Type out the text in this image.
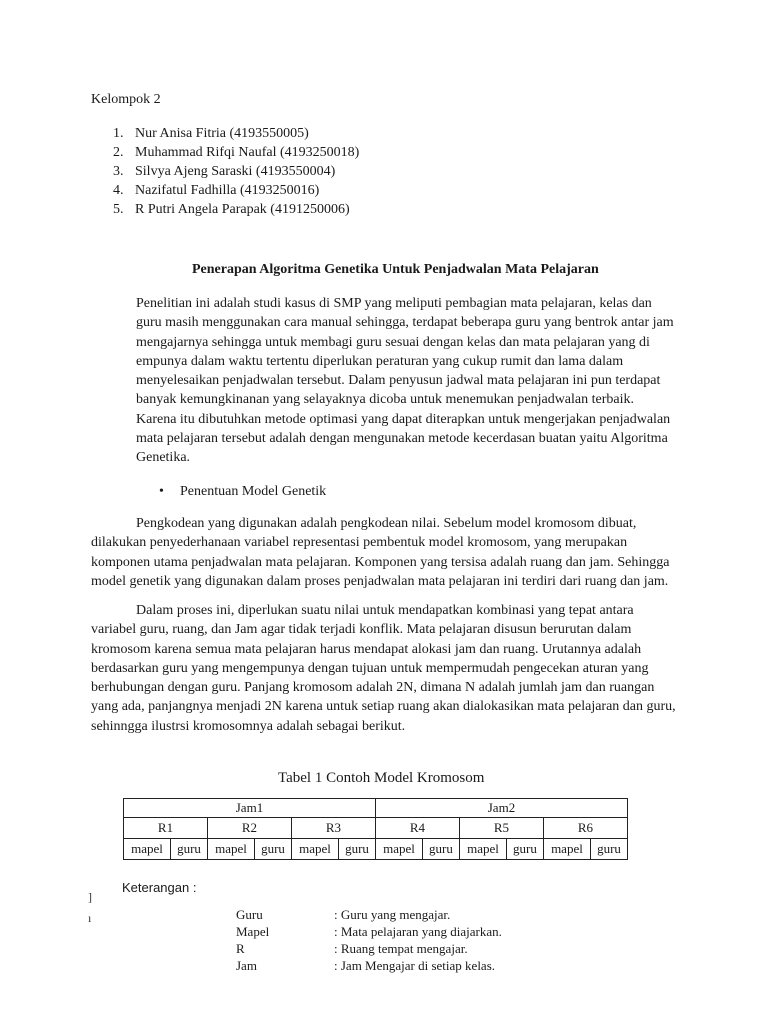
Kelompok 2
1. Nur Anisa Fitria (4193550005)
2. Muhammad Rifqi Naufal (4193250018)
3. Silvya Ajeng Saraski (4193550004)
4. Nazifatul Fadhilla (4193250016)
5. R Putri Angela Parapak (4191250006)
Penerapan Algoritma Genetika Untuk Penjadwalan Mata Pelajaran

Penelitian ini adalah studi kasus di SMP yang meliputi pembagian mata pelajaran, kelas dan guru masih menggunakan cara manual sehingga, terdapat beberapa guru yang bentrok antar jam mengajarnya sehingga untuk membagi guru sesuai dengan kelas dan mata pelajaran yang di empunya dalam waktu tertentu diperlukan peraturan yang cukup rumit dan lama dalam menyelesaikan penjadwalan tersebut. Dalam penyusun jadwal mata pelajaran ini pun terdapat banyak kemungkinanan yang selayaknya dicoba untuk menemukan penjadwalan terbaik. Karena itu dibutuhkan metode optimasi yang dapat diterapkan untuk mengerjakan penjadwalan mata pelajaran tersebut adalah dengan mengunakan metode kecerdasan buatan yaitu Algoritma Genetika.

• Penentuan Model Genetik

Pengkodean yang digunakan adalah pengkodean nilai. Sebelum model kromosom dibuat, dilakukan penyederhanaan variabel representasi pembentuk model kromosom, yang merupakan komponen utama penjadwalan mata pelajaran. Komponen yang tersisa adalah ruang dan jam. Sehingga model genetik yang digunakan dalam proses penjadwalan mata pelajaran ini terdiri dari ruang dan jam.

Dalam proses ini, diperlukan suatu nilai untuk mendapatkan kombinasi yang tepat antara variabel guru, ruang, dan Jam agar tidak terjadi konflik. Mata pelajaran disusun berurutan dalam kromosom karena semua mata pelajaran harus mendapat alokasi jam dan ruang. Urutannya adalah berdasarkan guru yang mengempunya dengan tujuan untuk mempermudah pengecekan aturan yang berhubungan dengan guru. Panjang kromosom adalah 2N, dimana N adalah jumlah jam dan ruangan yang ada, panjangnya menjadi 2N karena untuk setiap ruang akan dialokasikan mata pelajaran dan guru, sehinngga ilustrsi kromosomnya adalah sebagai berikut.

Tabel 1 Contoh Model Kromosom
Jam1						Jam2					
R1		R2		R3		R4		R5		R6	
mapel	guru	mapel	guru	mapel	guru	mapel	guru	mapel	guru	mapel	guru
]
ı
Keterangan :
Guru	: Guru yang mengajar.
Mapel	: Mata pelajaran yang diajarkan.
R	: Ruang tempat mengajar.
Jam	: Jam Mengajar di setiap kelas.
